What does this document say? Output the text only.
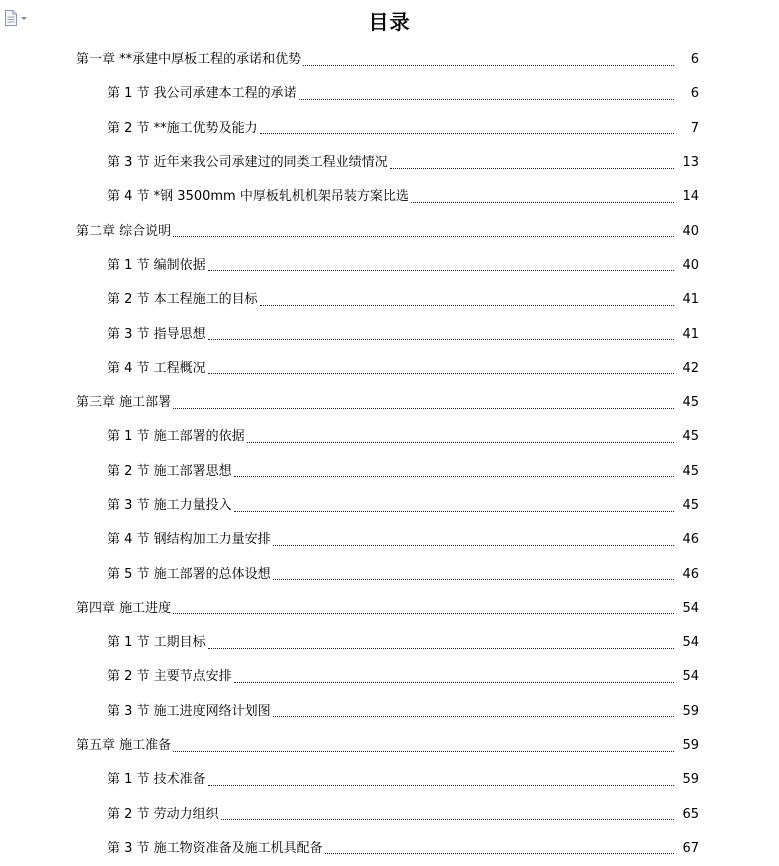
目录
第一章 **承建中厚板工程的承诺和优势	6
第 1 节 我公司承建本工程的承诺	6
第 2 节 **施工优势及能力	7
第 3 节 近年来我公司承建过的同类工程业绩情况	13
第 4 节 *钢 3500mm 中厚板轧机机架吊装方案比选	14
第二章 综合说明	40
第 1 节 编制依据	40
第 2 节 本工程施工的目标	41
第 3 节 指导思想	41
第 4 节 工程概况	42
第三章 施工部署	45
第 1 节 施工部署的依据	45
第 2 节 施工部署思想	45
第 3 节 施工力量投入	45
第 4 节 钢结构加工力量安排	46
第 5 节 施工部署的总体设想	46
第四章 施工进度	54
第 1 节 工期目标	54
第 2 节 主要节点安排	54
第 3 节 施工进度网络计划图	59
第五章 施工准备	59
第 1 节 技术准备	59
第 2 节 劳动力组织	65
第 3 节 施工物资准备及施工机具配备	67
